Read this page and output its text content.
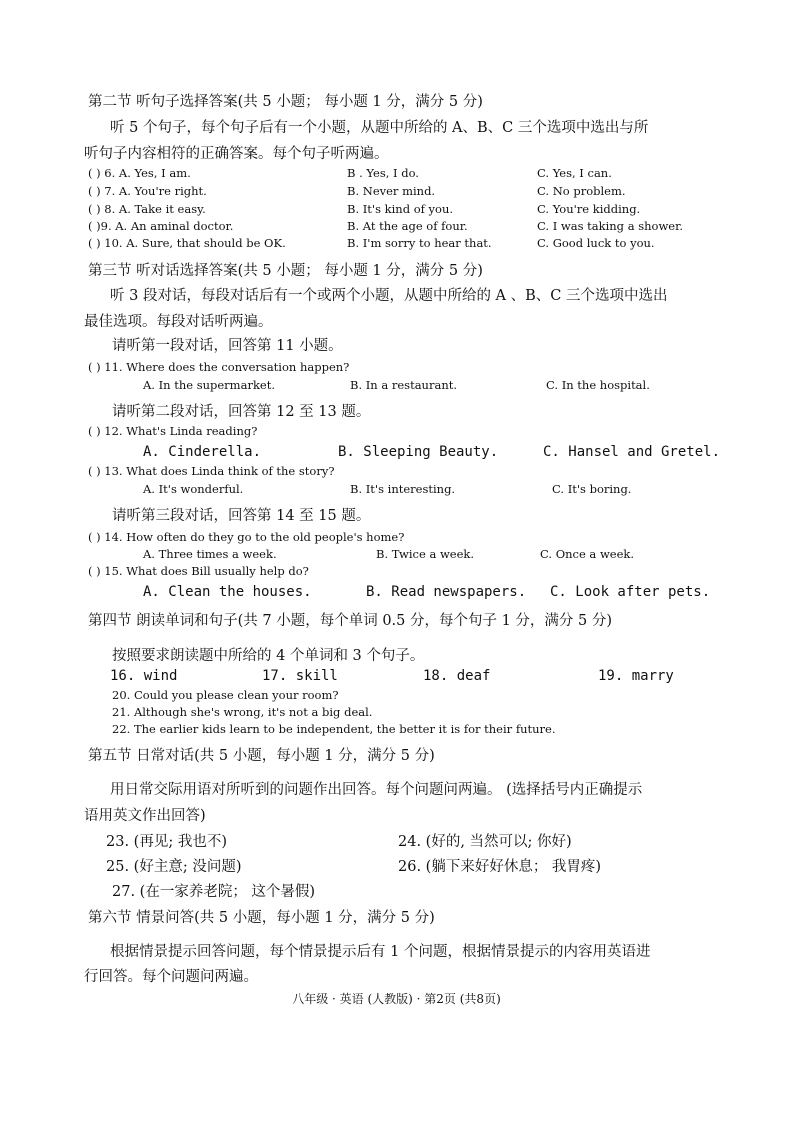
第二节 听句子选择答案(共 5 小题； 每小题 1 分，满分 5 分)
听 5 个句子，每个句子后有一个小题，从题中所给的 A、B、C 三个选项中选出与所
听句子内容相符的正确答案。每个句子听两遍。
( ) 6. A. Yes, I am.	B . Yes, I do.	C. Yes, I can.
( ) 7. A. You're right.	B. Never mind.	C. No problem.
( ) 8. A. Take it easy.	B. It's kind of you.	C. You're kidding.
( )9. A. An aminal doctor.	B. At the age of four.	C. I was taking a shower.
( ) 10. A. Sure, that should be OK.	B. I'm sorry to hear that.	C. Good luck to you.
第三节 听对话选择答案(共 5 小题； 每小题 1 分，满分 5 分)
听 3 段对话，每段对话后有一个或两个小题，从题中所给的 A 、B、C 三个选项中选出
最佳选项。每段对话听两遍。
请听第一段对话，回答第 11 小题。
( ) 11. Where does the conversation happen?
A. In the supermarket.	B. In a restaurant.	C. In the hospital.
请听第二段对话，回答第 12 至 13 题。
( ) 12. What's Linda reading?
A. Cinderella.	B. Sleeping Beauty.	C. Hansel and Gretel.
( ) 13. What does Linda think of the story?
A. It's wonderful.	B. It's interesting.	C. It's boring.
请听第三段对话，回答第 14 至 15 题。
( ) 14. How often do they go to the old people's home?
A. Three times a week.	B. Twice a week.	C. Once a week.
( ) 15. What does Bill usually help do?
A. Clean the houses.	B. Read newspapers. C. Look after pets.
第四节 朗读单词和句子(共 7 小题，每个单词 0.5 分，每个句子 1 分，满分 5 分)
按照要求朗读题中所给的 4 个单词和 3 个句子。
16. wind	17. skill	18. deaf	19. marry
20. Could you please clean your room?
21. Although she's wrong, it's not a big deal.
22. The earlier kids learn to be independent, the better it is for their future.
第五节 日常对话(共 5 小题，每小题 1 分，满分 5 分)
用日常交际用语对所听到的问题作出回答。每个问题问两遍。 (选择括号内正确提示
语用英文作出回答)
23. (再见; 我也不)	24. (好的, 当然可以; 你好)
25. (好主意; 没问题)	26. (躺下来好好休息； 我胃疼)
27. (在一家养老院； 这个暑假)
第六节 情景问答(共 5 小题，每小题 1 分，满分 5 分)
根据情景提示回答问题，每个情景提示后有 1 个问题，根据情景提示的内容用英语进
行回答。每个问题问两遍。
八年级 · 英语 (人教版) · 第2页 (共8页)
